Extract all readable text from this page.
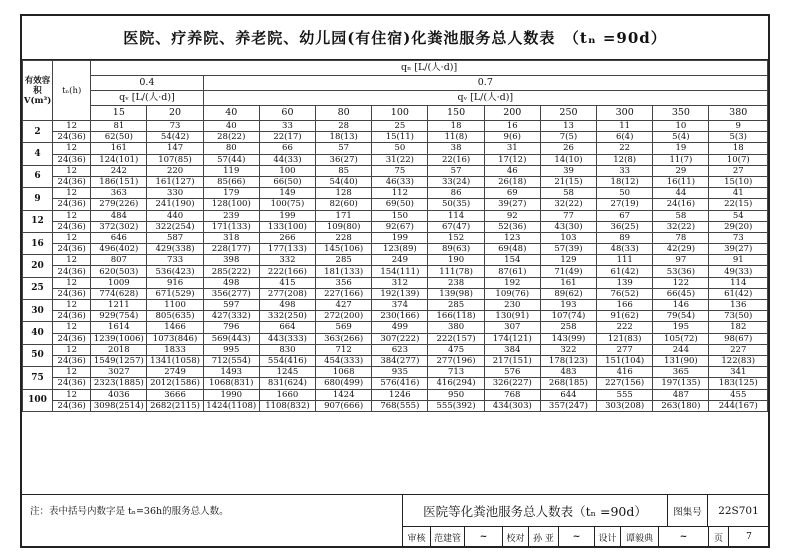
医院、疗养院、养老院、幼儿园(有住宿)化粪池服务总人数表　（tₙ =90d）
有效容积V(m³)	tₙ(h)	qₙ [L/(人·d)]											
		0.4		0.7									
		qᵥ [L/(人·d)]		qᵥ [L/(人·d)]									
		15	20	40	60	80	100	150	200	250	300	350	380
2	12	81	73	40	33	28	25	18	16	13	11	10	9
	24(36)	62(50)	54(42)	28(22)	22(17)	18(13)	15(11)	11(8)	9(6)	7(5)	6(4)	5(4)	5(3)
4	12	161	147	80	66	57	50	38	31	26	22	19	18
	24(36)	124(101)	107(85)	57(44)	44(33)	36(27)	31(22)	22(16)	17(12)	14(10)	12(8)	11(7)	10(7)
6	12	242	220	119	100	85	75	57	46	39	33	29	27
	24(36)	186(151)	161(127)	85(66)	66(50)	54(40)	46(33)	33(24)	26(18)	21(15)	18(12)	16(11)	15(10)
9	12	363	330	179	149	128	112	86	69	58	50	44	41
	24(36)	279(226)	241(190)	128(100)	100(75)	82(60)	69(50)	50(35)	39(27)	32(22)	27(19)	24(16)	22(15)
12	12	484	440	239	199	171	150	114	92	77	67	58	54
	24(36)	372(302)	322(254)	171(133)	133(100)	109(80)	92(67)	67(47)	52(36)	43(30)	36(25)	32(22)	29(20)
16	12	646	587	318	266	228	199	152	123	103	89	78	73
	24(36)	496(402)	429(338)	228(177)	177(133)	145(106)	123(89)	89(63)	69(48)	57(39)	48(33)	42(29)	39(27)
20	12	807	733	398	332	285	249	190	154	129	111	97	91
	24(36)	620(503)	536(423)	285(222)	222(166)	181(133)	154(111)	111(78)	87(61)	71(49)	61(42)	53(36)	49(33)
25	12	1009	916	498	415	356	312	238	192	161	139	122	114
	24(36)	774(628)	671(529)	356(277)	277(208)	227(166)	192(139)	139(98)	109(76)	89(62)	76(52)	66(45)	61(42)
30	12	1211	1100	597	498	427	374	285	230	193	166	146	136
	24(36)	929(754)	805(635)	427(332)	332(250)	272(200)	230(166)	166(118)	130(91)	107(74)	91(62)	79(54)	73(50)
40	12	1614	1466	796	664	569	499	380	307	258	222	195	182
	24(36)	1239(1006)	1073(846)	569(443)	443(333)	363(266)	307(222)	222(157)	174(121)	143(99)	121(83)	105(72)	98(67)
50	12	2018	1833	995	830	712	623	475	384	322	277	244	227
	24(36)	1549(1257)	1341(1058)	712(554)	554(416)	454(333)	384(277)	277(196)	217(151)	178(123)	151(104)	131(90)	122(83)
75	12	3027	2749	1493	1245	1068	935	713	576	483	416	365	341
	24(36)	2323(1885)	2012(1586)	1068(831)	831(624)	680(499)	576(416)	416(294)	326(227)	268(185)	227(156)	197(135)	183(125)
100	12	4036	3666	1990	1660	1424	1246	950	768	644	555	487	455
	24(36)	3098(2514)	2682(2115)	1424(1108)	1108(832)	907(666)	768(555)	555(392)	434(303)	357(247)	303(208)	263(180)	244(167)
注：表中括号内数字是 tₙ=36h的服务总人数。	医院等化粪池服务总人数表（tₙ =90d）	图集号	22S701
审核 范建管	~	校对 孙 亚	~	设计	谭毅典	~	页	7
